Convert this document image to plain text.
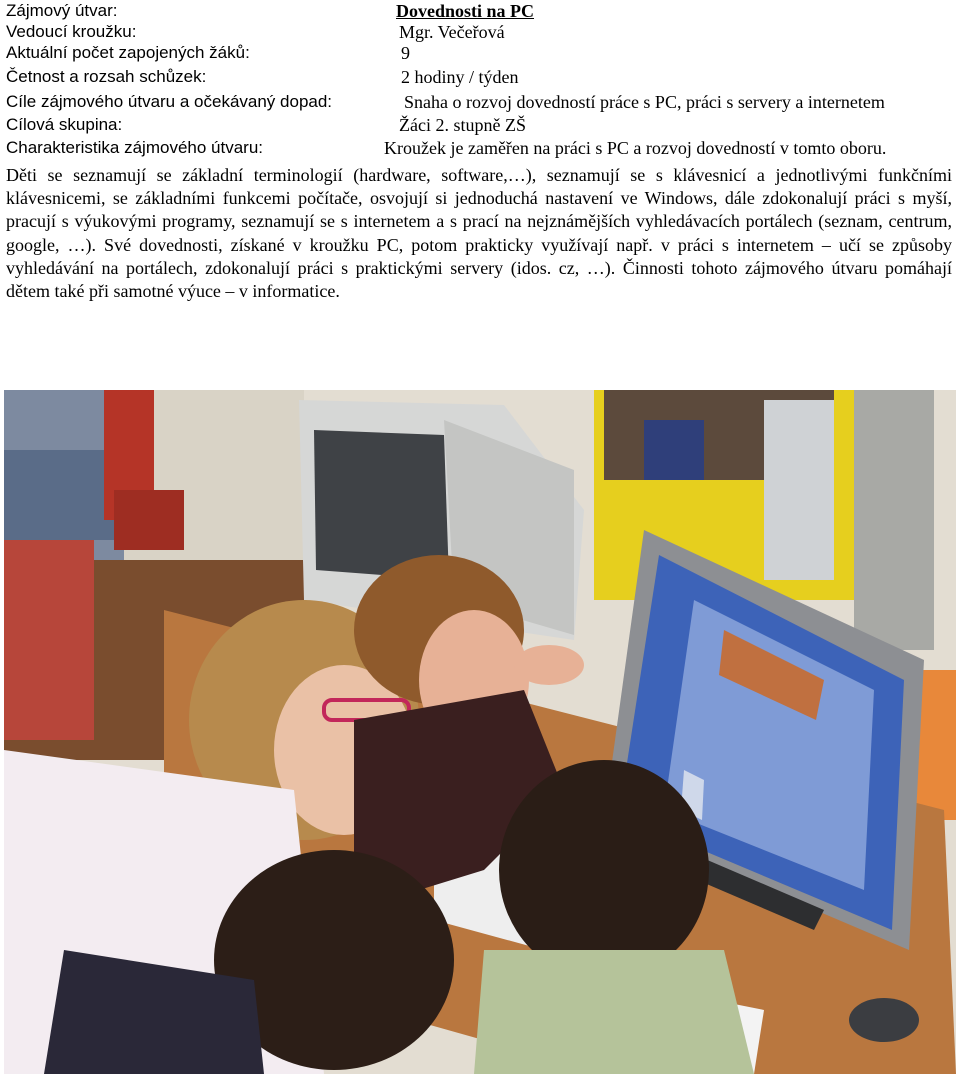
Zájmový útvar:	Dovednosti na PC
Vedoucí kroužku:	Mgr. Večeřová
Aktuální počet zapojených žáků:	9
Četnost a rozsah schůzek:	2 hodiny / týden
Cíle zájmového útvaru a očekávaný dopad:	Snaha o rozvoj dovedností práce s PC, práci s servery a internetem
Cílová skupina:	Žáci 2. stupně ZŠ
Charakteristika zájmového útvaru:	Kroužek je zaměřen na práci s PC a rozvoj dovedností v tomto oboru.
Děti se seznamují se základní terminologií (hardware, software,…), seznamují se s klávesnicí a jednotlivými funkčními klávesnicemi, se základními funkcemi počítače, osvojují si jednoduchá nastavení ve Windows, dále zdokonalují práci s myší, pracují s výukovými programy, seznamují se s internetem a s prací na nejznámějších vyhledávacích portálech (seznam, centrum, google, …). Své dovednosti, získané v kroužku PC, potom prakticky využívají např. v práci s internetem – učí se způsoby vyhledávání na portálech, zdokonalují práci s praktickými servery (idos. cz, …). Činnosti tohoto zájmového útvaru pomáhají dětem také při samotné výuce – v informatice.
